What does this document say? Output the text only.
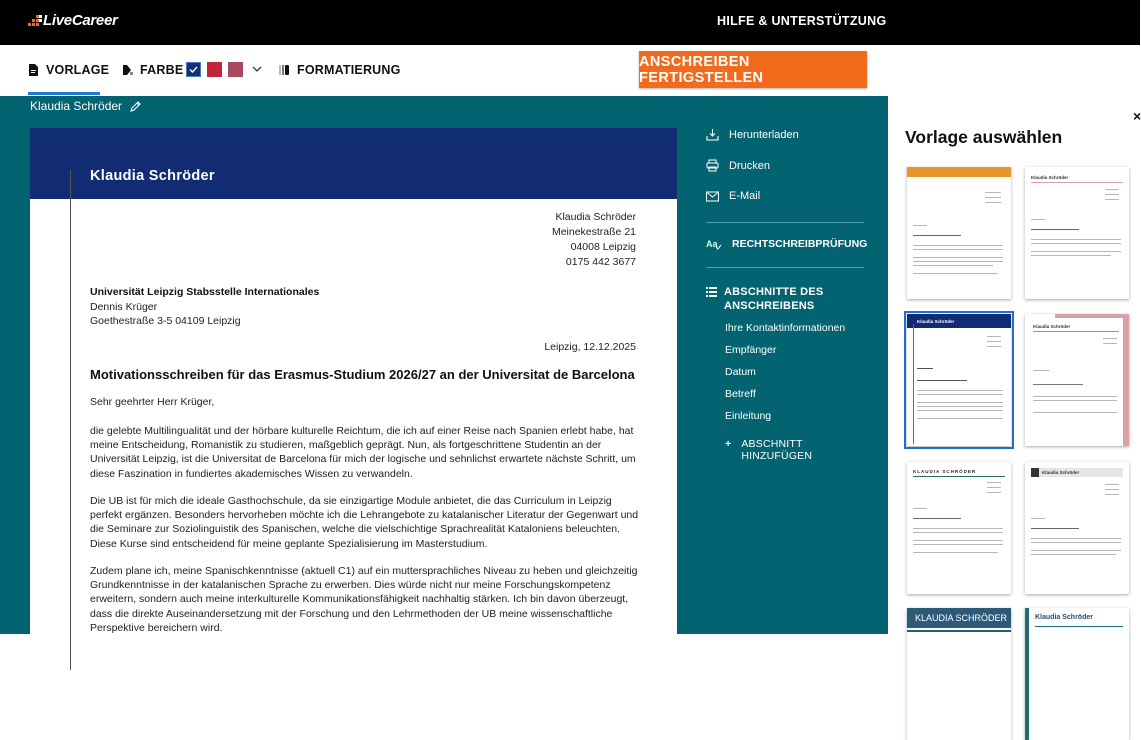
LiveCareer	HILFE & UNTERSTÜTZUNG
VORLAGE FARBE	FORMATIERUNG
ANSCHREIBEN FERTIGSTELLEN
Klaudia Schröder
Klaudia Schröder
Klaudia Schröder
Meinekestraße 21
04008 Leipzig
0175 442 3677
Universität Leipzig Stabsstelle Internationales
Dennis Krüger
Goethestraße 3-5 04109 Leipzig
Leipzig, 12.12.2025
Motivationsschreiben für das Erasmus-Studium 2026/27 an der Universitat de Barcelona
Sehr geehrter Herr Krüger,
die gelebte Multilingualität und der hörbare kulturelle Reichtum, die ich auf einer Reise nach Spanien erlebt habe, hat meine Entscheidung, Romanistik zu studieren, maßgeblich geprägt. Nun, als fortgeschrittene Studentin an der Universität Leipzig, ist die Universitat de Barcelona für mich der logische und sehnlichst erwartete nächste Schritt, um diese Faszination in fundiertes akademisches Wissen zu verwandeln.
Die UB ist für mich die ideale Gasthochschule, da sie einzigartige Module anbietet, die das Curriculum in Leipzig perfekt ergänzen. Besonders hervorheben möchte ich die Lehrangebote zu katalanischer Literatur der Gegenwart und die Seminare zur Soziolinguistik des Spanischen, welche die vielschichtige Sprachrealität Kataloniens beleuchten. Diese Kurse sind entscheidend für meine geplante Spezialisierung im Masterstudium.
Zudem plane ich, meine Spanischkenntnisse (aktuell C1) auf ein muttersprachliches Niveau zu heben und gleichzeitig Grundkenntnisse in der katalanischen Sprache zu erwerben. Dies würde nicht nur meine Forschungskompetenz erweitern, sondern auch meine interkulturelle Kommunikationsfähigkeit nachhaltig stärken. Ich bin davon überzeugt, dass die direkte Auseinandersetzung mit der Forschung und den Lehrmethoden der UB meine wissenschaftliche Perspektive bereichern wird.
Herunterladen
Drucken
E-Mail
Aa RECHTSCHREIBPRÜFUNG
ABSCHNITTE DES
ANSCHREIBENS
Ihre Kontaktinformationen
Empfänger
Datum
Betreff
Einleitung
+ ABSCHNITT HINZUFÜGEN
×
Vorlage auswählen
Klaudia Schröder
Klaudia Schröder
Klaudia Schröder
KLAUDIA SCHRÖDER	Klaudia Schröder
KLAUDIA SCHRÖDER	Klaudia Schröder
